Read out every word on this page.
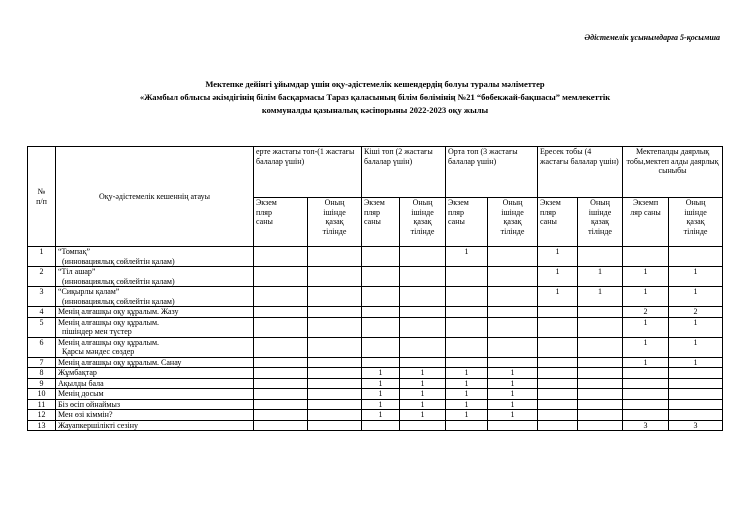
Әдістемелік ұсынымдарға 5-қосымша
Мектепке дейінгі ұйымдар үшін оқу-әдістемелік кешендердің болуы туралы мәліметтер
«Жамбыл облысы әкімдігінің білім басқармасы Тараз қаласының білім бөлімінің №21 “бөбекжай-бақшасы” мемлекеттік
коммуналды қазыналық кәсіпорыны 2022-2023 оқу жылы
№
п/п	Оқу-әдістемелік кешеннің атауы	ерте жастағы топ-(1 жастағы балалар үшін)		Кіші топ (2 жастағы балалар үшін)		Орта топ (3 жастағы балалар үшін)		Ересек тобы (4 жастағы балалар үшін)		Мектепалды даярлық тобы,мектеп алды даярлық сыныбы	
		Экзем
пляр
саны	Оның
ішінде
қазақ
тілінде	Экзем
пляр
саны	Оның
ішінде
қазақ
тілінде	Экзем
пляр
саны	Оның
ішінде
қазақ
тілінде	Экзем
пляр
саны	Оның
ішінде
қазақ
тілінде	Экземп
ляр саны	Оның
ішінде
қазақ
тілінде
1	“Томпақ”
(инновациялық сөйлейтін қалам)					1		1			
2	“Тіл ашар”
(инновациялық сөйлейтін қалам)							1	1	1	1
3	“Сиқырлы қалам”
(инновациялық сөйлейтін қалам)							1	1	1	1
4	Менің алғашқы оқу құралым. Жазу									2	2
5	Менің алғашқы оқу құралым.
пішіндер мен түстер									1	1
6	Менің алғашқы оқу құралым.
Қарсы мәндес сөздер									1	1
7	Менің алғашқы оқу құралым. Санау									1	1
8	Жұмбақтар			1	1	1	1				
9	Ақылды бала			1	1	1	1				
10	Менің досым			1	1	1	1				
11	Біз өсіп ойнаймыз			1	1	1	1				
12	Мен өзі кіммін?			1	1	1	1				
13	Жауапкершілікті сезіну									3	3
